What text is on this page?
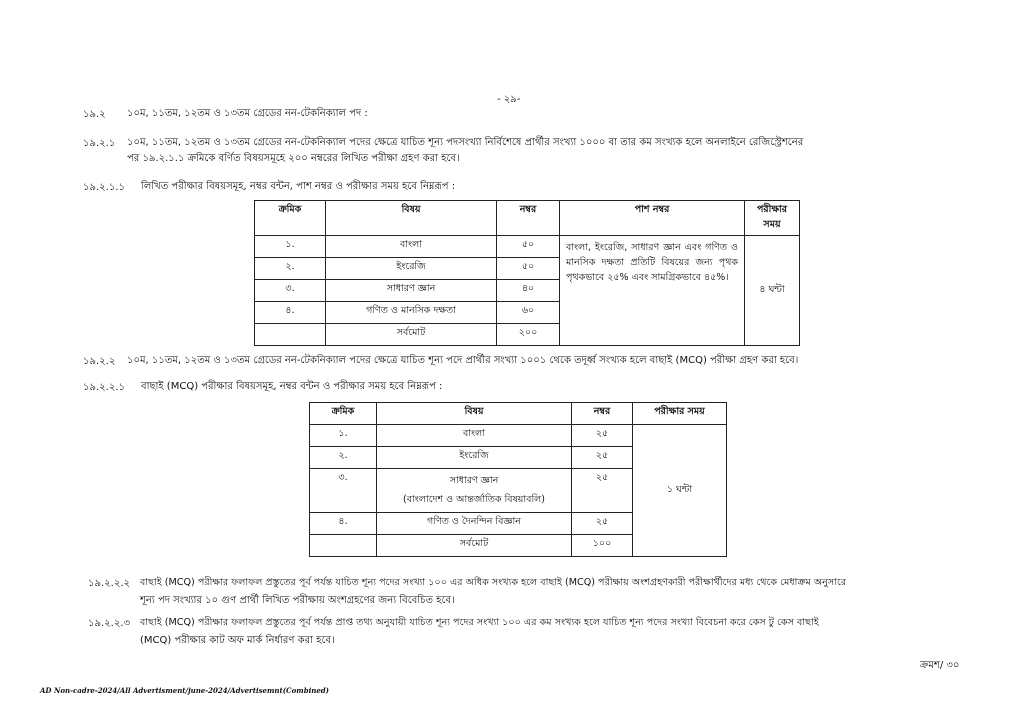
- ২৯-
১৯.২ ১০ম, ১১তম, ১২তম ও ১৩তম গ্রেডের নন-টেকনিক্যাল পদ :
১৯.২.১ ১০ম, ১১তম, ১২তম ও ১৩তম গ্রেডের নন-টেকনিক্যাল পদের ক্ষেত্রে যাচিত শূন্য পদসংখ্যা নির্বিশেষে প্রার্থীর সংখ্যা ১০০০ বা তার কম সংখ্যক হলে অনলাইনে রেজিস্ট্রেশনের
পর ১৯.২.১.১ ক্রমিকে বর্ণিত বিষয়সমূহে ২০০ নম্বরের লিখিত পরীক্ষা গ্রহণ করা হবে।
১৯.২.১.১ লিখিত পরীক্ষার বিষয়সমূহ, নম্বর বন্টন, পাশ নম্বর ও পরীক্ষার সময় হবে নিম্নরূপ :
ক্রমিক	বিষয়	নম্বর	পাশ নম্বর	পরীক্ষার সময়
১.	বাংলা	৫০	বাংলা, ইংরেজি, সাধারণ জ্ঞান এবং গণিত ও মানসিক দক্ষতা প্রতিটি বিষয়ের জন্য পৃথক পৃথকভাবে ২৫% এবং সামগ্রিকভাবে ৪৫%।	৪ ঘন্টা
২.	ইংরেজি	৫০		
৩.	সাধারণ জ্ঞান	৪০		
৪.	গণিত ও মানসিক দক্ষতা	৬০		
	সর্বমোট	২০০		
১৯.২.২ ১০ম, ১১তম, ১২তম ও ১৩তম গ্রেডের নন-টেকনিক্যাল পদের ক্ষেত্রে যাচিত শূন্য পদে প্রার্থীর সংখ্যা ১০০১ থেকে তদূর্ধ্ব সংখ্যক হলে বাছাই (MCQ) পরীক্ষা গ্রহণ করা হবে।
১৯.২.২.১ বাছাই (MCQ) পরীক্ষার বিষয়সমূহ, নম্বর বন্টন ও পরীক্ষার সময় হবে নিম্নরূপ :
ক্রমিক	বিষয়	নম্বর	পরীক্ষার সময়
১.	বাংলা	২৫	১ ঘন্টা
২.	ইংরেজি	২৫	
৩.	সাধারণ জ্ঞান
(বাংলাদেশ ও আন্তর্জাতিক বিষয়াবলি)	২৫	
৪.	গণিত ও দৈনন্দিন বিজ্ঞান	২৫	
	সর্বমোট	১০০	
১৯.২.২.২ বাছাই (MCQ) পরীক্ষার ফলাফল প্রস্তুতের পূর্ব পর্যন্ত যাচিত শূন্য পদের সংখ্যা ১০০ এর অধিক সংখ্যক হলে বাছাই (MCQ) পরীক্ষায় অংশগ্রহণকারী পরীক্ষার্থীদের মধ্য থেকে মেধাক্রম অনুসারে
শূন্য পদ সংখ্যার ১০ গুণ প্রার্থী লিখিত পরীক্ষায় অংশগ্রহণের জন্য বিবেচিত হবে।
১৯.২.২.৩ বাছাই (MCQ) পরীক্ষার ফলাফল প্রস্তুতের পূর্ব পর্যন্ত প্রাপ্ত তথ্য অনুযায়ী যাচিত শূন্য পদের সংখ্যা ১০০ এর কম সংখ্যক হলে যাচিত শূন্য পদের সংখ্যা বিবেচনা করে কেস টু কেস বাছাই
(MCQ) পরীক্ষার কাট অফ মার্ক নির্ধারণ করা হবে।
ক্রমশ/ ৩০
AD Non-cadre-2024/All Advertisment/june-2024/Advertisemnt(Combined)
